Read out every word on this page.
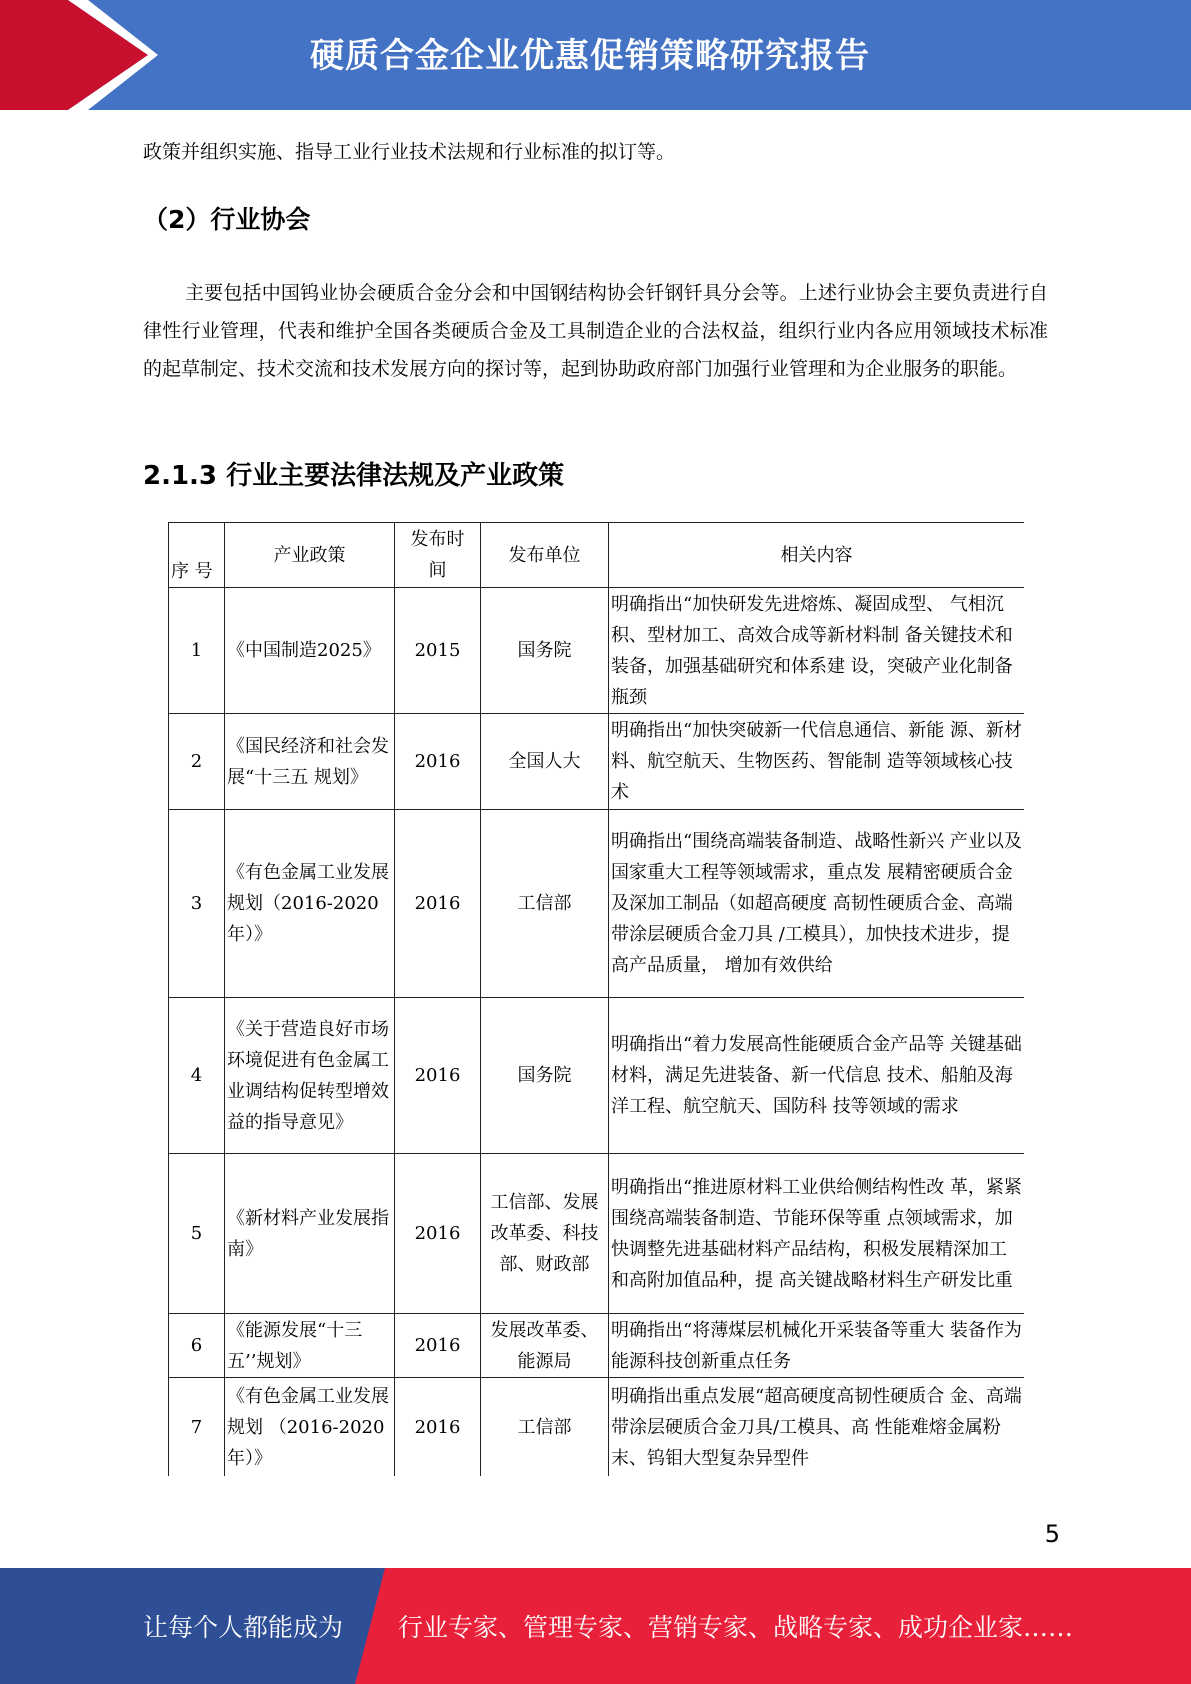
硬质合金企业优惠促销策略研究报告

政策并组织实施、指导工业行业技术法规和行业标准的拟订等。

（2）行业协会

主要包括中国钨业协会硬质合金分会和中国钢结构协会钎钢钎具分会等。上述行业协会主要负责进行自律性行业管理，代表和维护全国各类硬质合金及工具制造企业的合法权益，组织行业内各应用领域技术标准的起草制定、技术交流和技术发展方向的探讨等，起到协助政府部门加强行业管理和为企业服务的职能。

2.1.3 行业主要法律法规及产业政策
序 号	产业政策	发布时间	发布单位	相关内容
1	《中国制造2025》	2015	国务院	明确指出“加快研发先进熔炼、凝固成型、 气相沉积、型材加工、高效合成等新材料制 备关键技术和装备，加强基础研究和体系建 设，突破产业化制备瓶颈
2	《国民经济和社会发展“十三五 规划》	2016	全国人大	明确指出“加快突破新一代信息通信、新能 源、新材料、航空航天、生物医药、智能制 造等领域核心技术
3	《有色金属工业发展规划（2016-2020 年）》	2016	工信部	明确指出“围绕高端装备制造、战略性新兴 产业以及国家重大工程等领域需求，重点发 展精密硬质合金及深加工制品（如超高硬度 高韧性硬质合金、高端带涂层硬质合金刀具 /工模具），加快技术进步，提高产品质量， 增加有效供给
4	《关于营造良好市场环境促进有色金属工业调结构促转型增效益的指导意见》	2016	国务院	明确指出“着力发展高性能硬质合金产品等 关键基础材料，满足先进装备、新一代信息 技术、船舶及海洋工程、航空航天、国防科 技等领域的需求
5	《新材料产业发展指南》	2016	工信部、发展改革委、科技部、财政部	明确指出“推进原材料工业供给侧结构性改 革，紧紧围绕高端装备制造、节能环保等重 点领域需求，加快调整先进基础材料产品结构，积极发展精深加工和高附加值品种，提 高关键战略材料生产研发比重
6	《能源发展“十三五’’规划》	2016	发展改革委、能源局	明确指出“将薄煤层机械化开采装备等重大 装备作为能源科技创新重点任务
7	《有色金属工业发展规划 （2016-2020 年）》	2016	工信部	明确指出重点发展“超高硬度高韧性硬质合 金、高端带涂层硬质合金刀具/工模具、高 性能难熔金属粉末、钨钼大型复杂异型件
5
让每个人都能成为 行业专家、管理专家、营销专家、战略专家、成功企业家……
